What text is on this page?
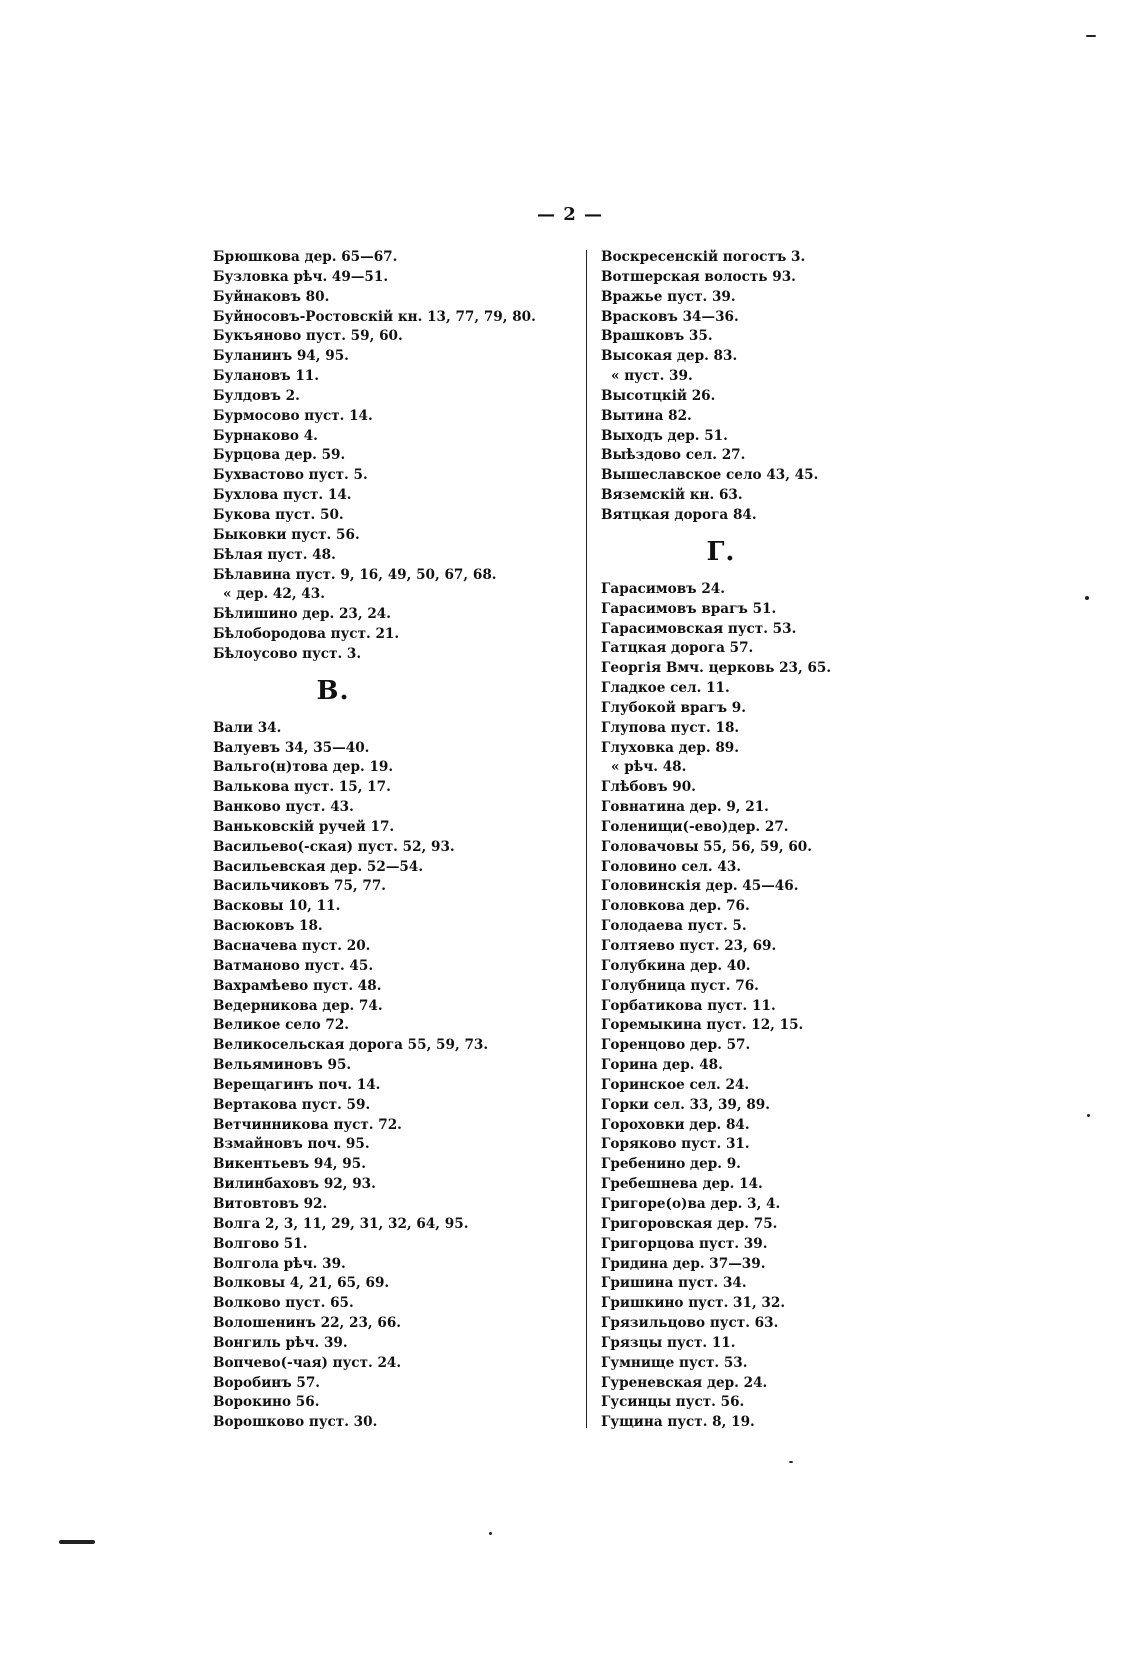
— 2 —
Брюшкова дер. 65—67.
Бузловка рѣч. 49—51.
Буйнаковъ 80.
Буйносовъ-Ростовскій кн. 13, 77, 79, 80.
Букъяново пуст. 59, 60.
Буланинъ 94, 95.
Булановъ 11.
Булдовъ 2.
Бурмосово пуст. 14.
Бурнаково 4.
Бурцова дер. 59.
Бухвастово пуст. 5.
Бухлова пуст. 14.
Букова пуст. 50.
Быковки пуст. 56.
Бѣлая пуст. 48.
Бѣлавина пуст. 9, 16, 49, 50, 67, 68.
« дер. 42, 43.
Бѣлишино дер. 23, 24.
Бѣлобородова пуст. 21.
Бѣлоусово пуст. 3.
В.
Вали 34.
Валуевъ 34, 35—40.
Вальго(н)това дер. 19.
Валькова пуст. 15, 17.
Ванково пуст. 43.
Ваньковскій ручей 17.
Васильево(-ская) пуст. 52, 93.
Васильевская дер. 52—54.
Васильчиковъ 75, 77.
Васковы 10, 11.
Васюковъ 18.
Васначева пуст. 20.
Ватманово пуст. 45.
Вахрамѣево пуст. 48.
Ведерникова дер. 74.
Великое село 72.
Великосельская дорога 55, 59, 73.
Вельяминовъ 95.
Верещагинъ поч. 14.
Вертакова пуст. 59.
Ветчинникова пуст. 72.
Взмайновъ поч. 95.
Викентьевъ 94, 95.
Вилинбаховъ 92, 93.
Витовтовъ 92.
Волга 2, 3, 11, 29, 31, 32, 64, 95.
Волгово 51.
Волгола рѣч. 39.
Волковы 4, 21, 65, 69.
Волково пуст. 65.
Волошенинъ 22, 23, 66.
Вонгиль рѣч. 39.
Вопчево(-чая) пуст. 24.
Воробинъ 57.
Ворокино 56.
Ворошково пуст. 30.
Воскресенскій погостъ 3.
Вотшерская волость 93.
Вражье пуст. 39.
Врасковъ 34—36.
Врашковъ 35.
Высокая дер. 83.
« пуст. 39.
Высотцкій 26.
Вытина 82.
Выходъ дер. 51.
Выѣздово сел. 27.
Вышеславское село 43, 45.
Вяземскій кн. 63.
Вятцкая дорога 84.
Г.
Гарасимовъ 24.
Гарасимовъ врагъ 51.
Гарасимовская пуст. 53.
Гатцкая дорога 57.
Георгія Вмч. церковь 23, 65.
Гладкое сел. 11.
Глубокой врагъ 9.
Глупова пуст. 18.
Глуховка дер. 89.
« рѣч. 48.
Глѣбовъ 90.
Говнатина дер. 9, 21.
Голенищи(-ево)дер. 27.
Головачовы 55, 56, 59, 60.
Головино сел. 43.
Головинскія дер. 45—46.
Головкова дер. 76.
Голодаева пуст. 5.
Голтяево пуст. 23, 69.
Голубкина дер. 40.
Голубница пуст. 76.
Горбатикова пуст. 11.
Горемыкина пуст. 12, 15.
Горенцово дер. 57.
Горина дер. 48.
Горинское сел. 24.
Горки сел. 33, 39, 89.
Гороховки дер. 84.
Горяково пуст. 31.
Гребенино дер. 9.
Гребешнева дер. 14.
Григоре(о)ва дер. 3, 4.
Григоровская дер. 75.
Григорцова пуст. 39.
Гридина дер. 37—39.
Гришина пуст. 34.
Гришкино пуст. 31, 32.
Грязильцово пуст. 63.
Грязцы пуст. 11.
Гумнище пуст. 53.
Гуреневская дер. 24.
Гусинцы пуст. 56.
Гущина пуст. 8, 19.
